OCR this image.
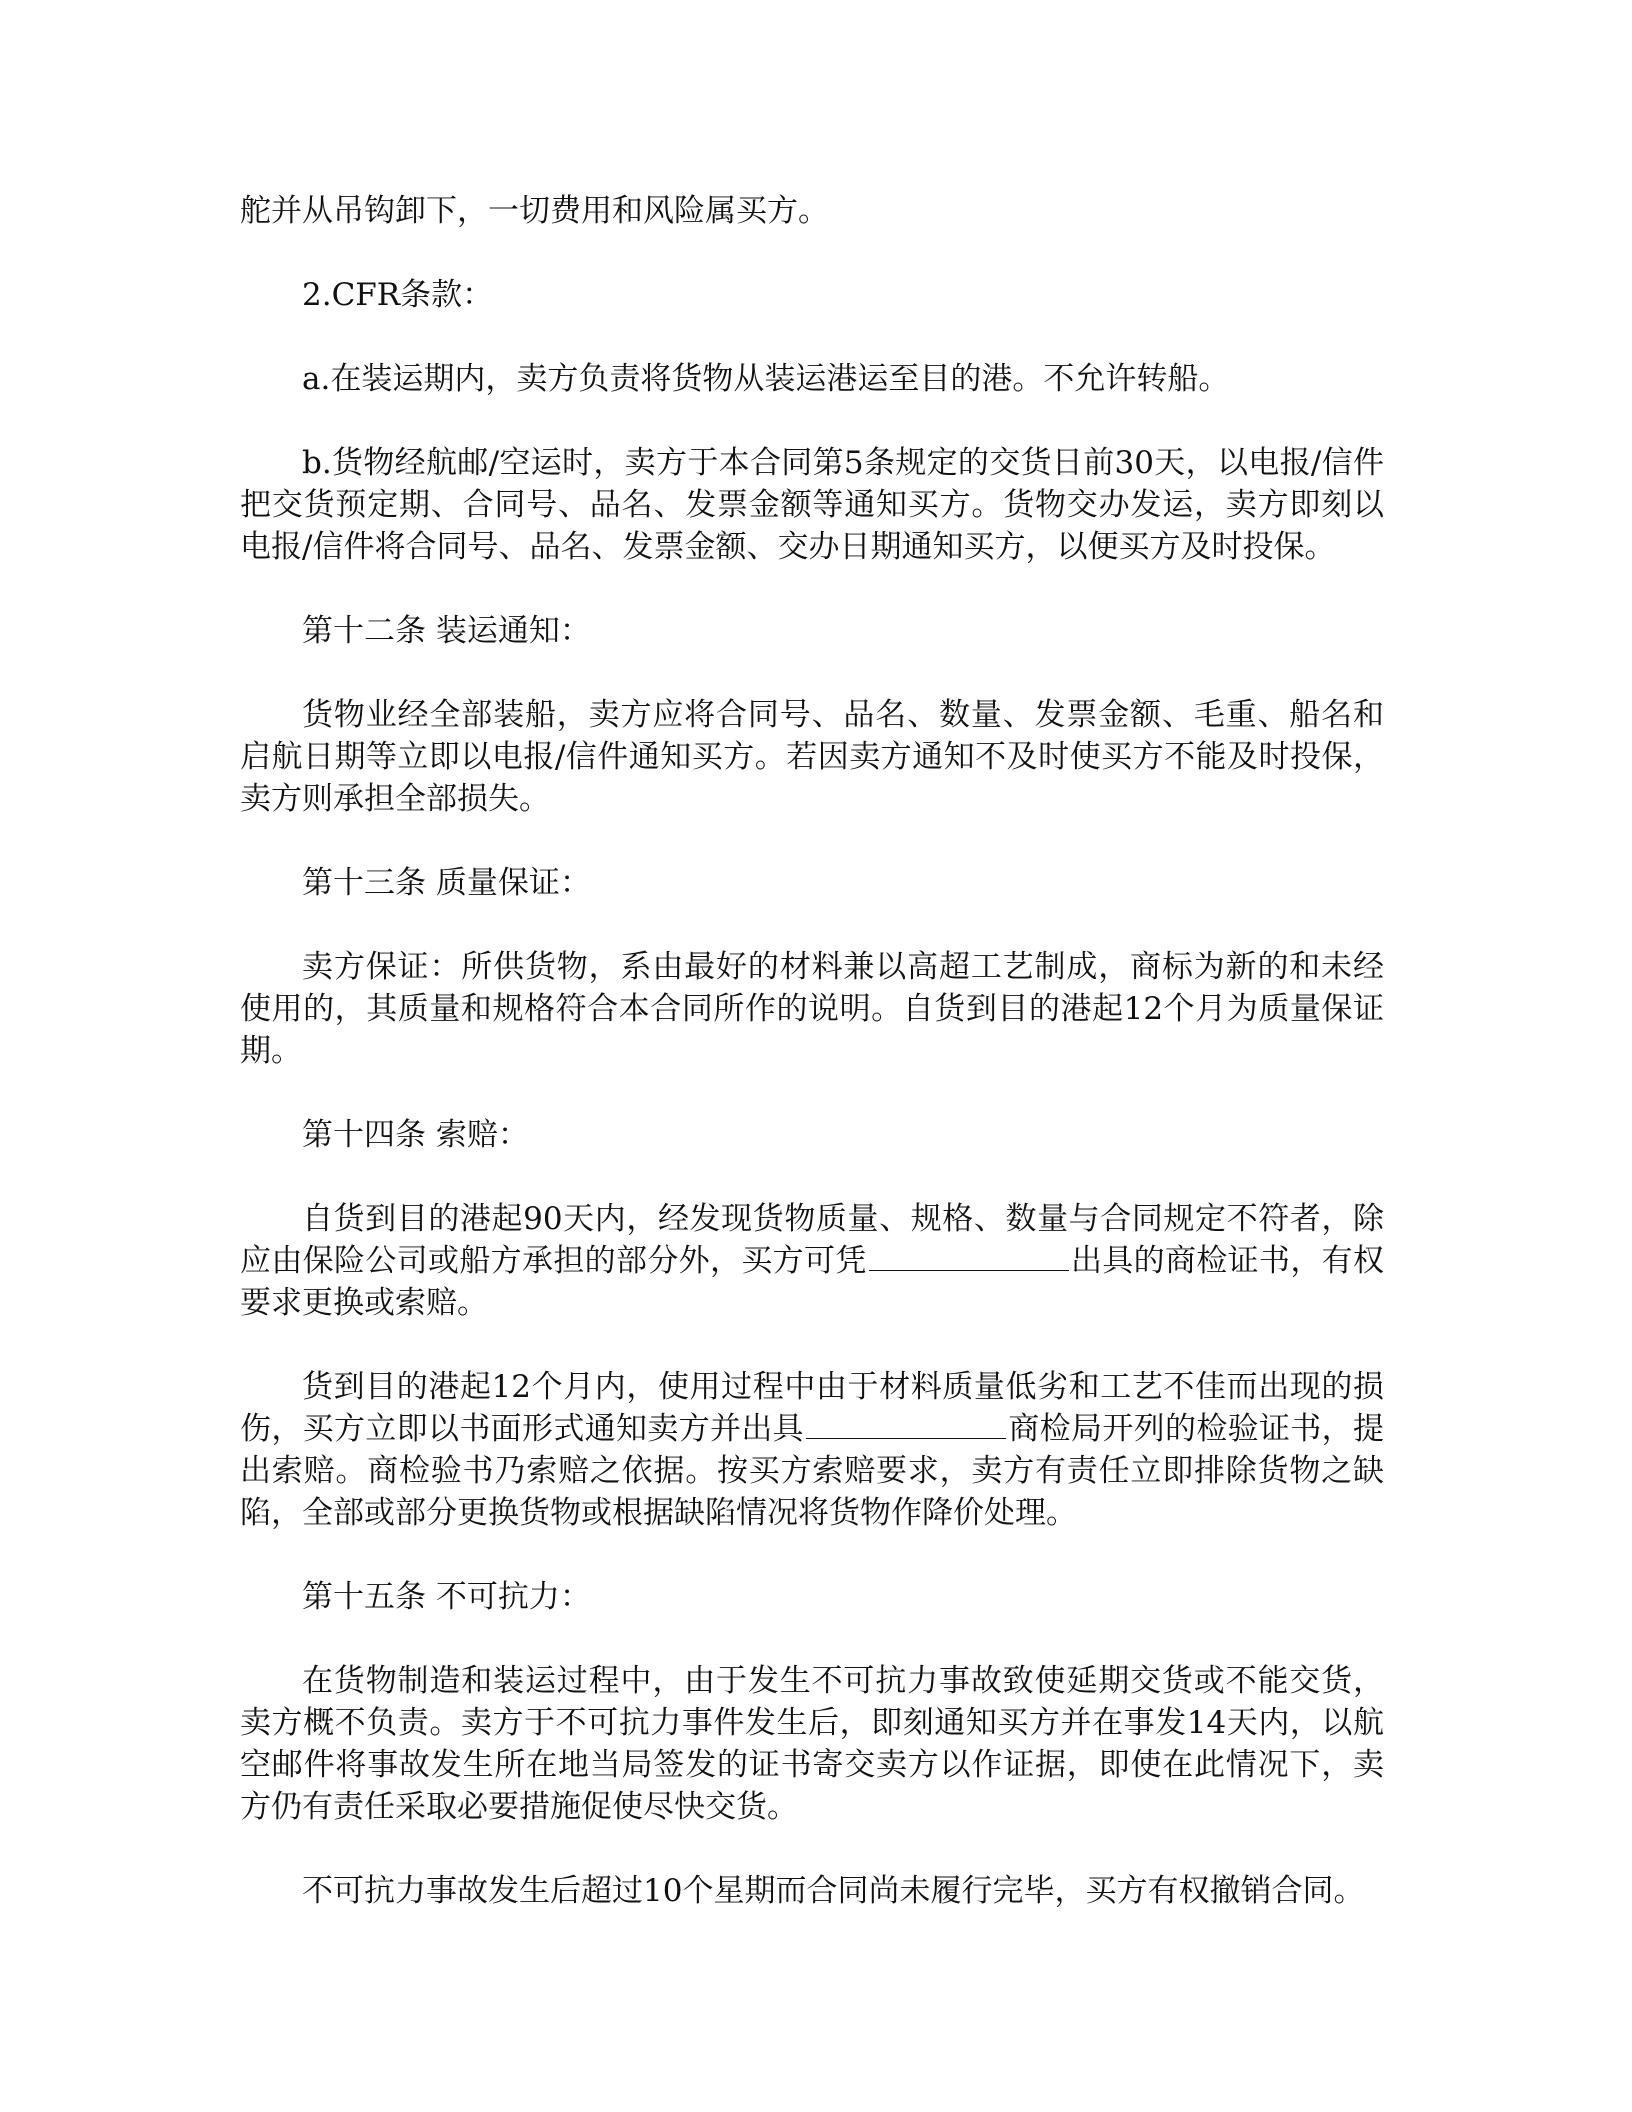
舵并从吊钩卸下，一切费用和风险属买方。

2.CFR条款：

a.在装运期内，卖方负责将货物从装运港运至目的港。不允许转船。

b.货物经航邮/空运时，卖方于本合同第5条规定的交货日前30天，以电报/信件把交货预定期、合同号、品名、发票金额等通知买方。货物交办发运，卖方即刻以电报/信件将合同号、品名、发票金额、交办日期通知买方，以便买方及时投保。

第十二条 装运通知：

货物业经全部装船，卖方应将合同号、品名、数量、发票金额、毛重、船名和启航日期等立即以电报/信件通知买方。若因卖方通知不及时使买方不能及时投保，卖方则承担全部损失。

第十三条 质量保证：

卖方保证：所供货物，系由最好的材料兼以高超工艺制成，商标为新的和未经使用的，其质量和规格符合本合同所作的说明。自货到目的港起12个月为质量保证期。

第十四条 索赔：

自货到目的港起90天内，经发现货物质量、规格、数量与合同规定不符者，除应由保险公司或船方承担的部分外，买方可凭	出具的商检证书，有权要求更换或索赔。

货到目的港起12个月内，使用过程中由于材料质量低劣和工艺不佳而出现的损伤，买方立即以书面形式通知卖方并出具	商检局开列的检验证书，提出索赔。商检验书乃索赔之依据。按买方索赔要求，卖方有责任立即排除货物之缺陷，全部或部分更换货物或根据缺陷情况将货物作降价处理。

第十五条 不可抗力：

在货物制造和装运过程中，由于发生不可抗力事故致使延期交货或不能交货，卖方概不负责。卖方于不可抗力事件发生后，即刻通知买方并在事发14天内，以航空邮件将事故发生所在地当局签发的证书寄交卖方以作证据，即使在此情况下，卖方仍有责任采取必要措施促使尽快交货。

不可抗力事故发生后超过10个星期而合同尚未履行完毕，买方有权撤销合同。
